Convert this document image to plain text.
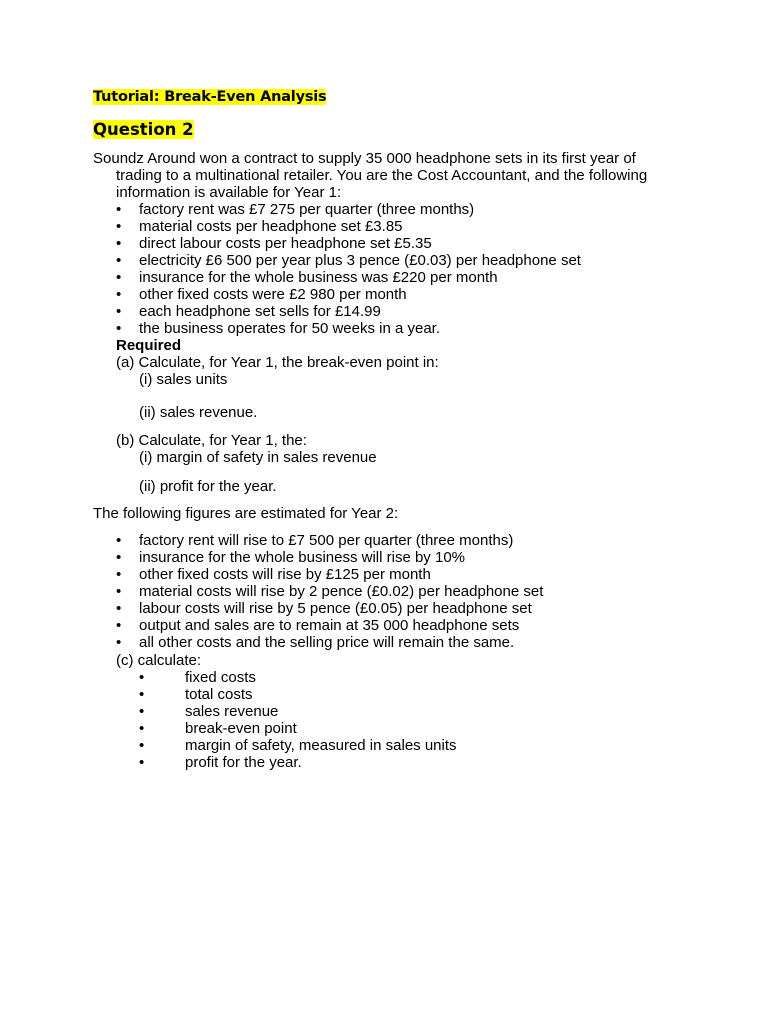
Tutorial: Break-Even Analysis
Question 2
Soundz Around won a contract to supply 35 000 headphone sets in its first year of
trading to a multinational retailer. You are the Cost Accountant, and the following
information is available for Year 1:
• factory rent was £7 275 per quarter (three months)
• material costs per headphone set £3.85
• direct labour costs per headphone set £5.35
• electricity £6 500 per year plus 3 pence (£0.03) per headphone set
• insurance for the whole business was £220 per month
• other fixed costs were £2 980 per month
• each headphone set sells for £14.99
• the business operates for 50 weeks in a year.
Required
(a) Calculate, for Year 1, the break-even point in:
(i) sales units
(ii) sales revenue.
(b) Calculate, for Year 1, the:
(i) margin of safety in sales revenue
(ii) profit for the year.
The following figures are estimated for Year 2:
• factory rent will rise to £7 500 per quarter (three months)
• insurance for the whole business will rise by 10%
• other fixed costs will rise by £125 per month
• material costs will rise by 2 pence (£0.02) per headphone set
• labour costs will rise by 5 pence (£0.05) per headphone set
• output and sales are to remain at 35 000 headphone sets
• all other costs and the selling price will remain the same.
(c) calculate:
•	fixed costs
•	total costs
•	sales revenue
•	break-even point
•	margin of safety, measured in sales units
•	profit for the year.
